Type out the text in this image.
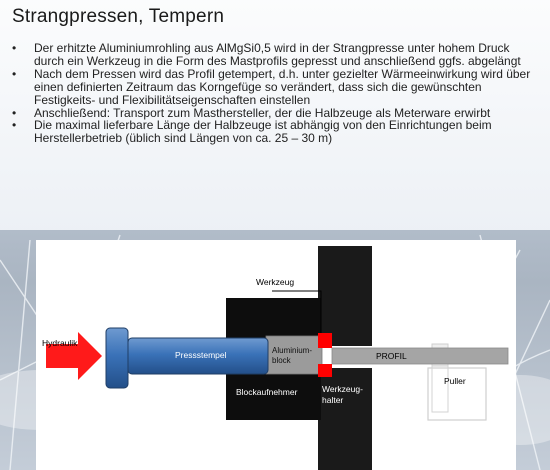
Strangpressen, Tempern
• Der erhitzte Aluminiumrohling aus AlMgSi0,5 wird in der Strangpresse unter hohem Druck durch ein Werkzeug in die Form des Mastprofils gepresst und anschließend ggfs. abgelängt
• Nach dem Pressen wird das Profil getempert, d.h. unter gezielter Wärmeeinwirkung wird über einen definierten Zeitraum das Korngefüge so verändert, dass sich die gewünschten Festigkeits- und Flexibilitätseigenschaften einstellen
• Anschließend: Transport zum Masthersteller, der die Halbzeuge als Meterware erwirbt
• Die maximal lieferbare Länge der Halbzeuge ist abhängig von den Einrichtungen beim Herstellerbetrieb (üblich sind Längen von ca. 25 – 30 m)
Hydraulik
Pressstempel	Aluminium-
block
Werkzeug
PROFIL
Blockaufnehmer	Werkzeug-
halter
Puller
